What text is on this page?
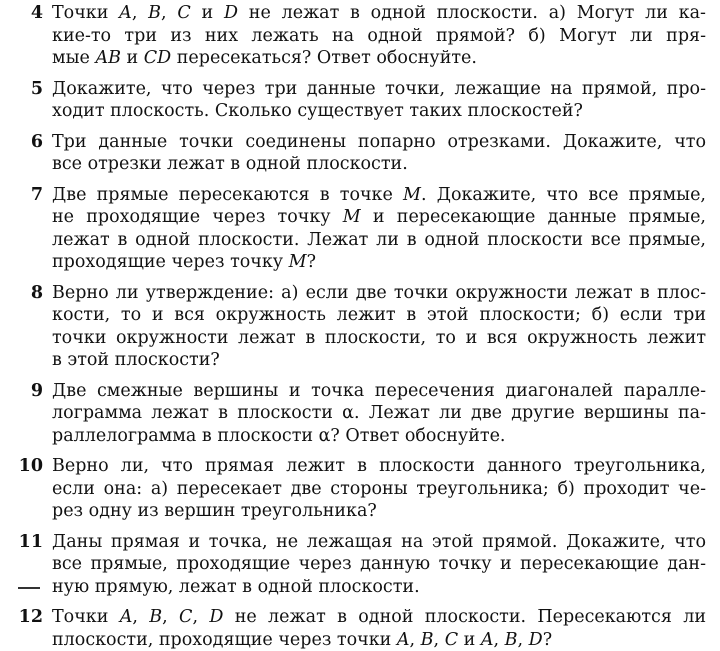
4 Точки A, B, C и D не лежат в одной плоскости. а) Могут ли ка-
кие-то три из них лежать на одной прямой? б) Могут ли пря-
мые AB и CD пересекаться? Ответ обоснуйте.
5 Докажите, что через три данные точки, лежащие на прямой, про-
ходит плоскость. Сколько существует таких плоскостей?
6 Три данные точки соединены попарно отрезками. Докажите, что
все отрезки лежат в одной плоскости.
7 Две прямые пересекаются в точке M. Докажите, что все прямые,
не проходящие через точку M и пересекающие данные прямые,
лежат в одной плоскости. Лежат ли в одной плоскости все прямые,
проходящие через точку M?
8 Верно ли утверждение: а) если две точки окружности лежат в плос-
кости, то и вся окружность лежит в этой плоскости; б) если три
точки окружности лежат в плоскости, то и вся окружность лежит
в этой плоскости?
9 Две смежные вершины и точка пересечения диагоналей паралле-
лограмма лежат в плоскости α. Лежат ли две другие вершины па-
раллелограмма в плоскости α? Ответ обоснуйте.
10 Верно ли, что прямая лежит в плоскости данного треугольника,
если она: а) пересекает две стороны треугольника; б) проходит че-
рез одну из вершин треугольника?
11 Даны прямая и точка, не лежащая на этой прямой. Докажите, что
все прямые, проходящие через данную точку и пересекающие дан-
ную прямую, лежат в одной плоскости.
12 Точки A, B, C, D не лежат в одной плоскости. Пересекаются ли
плоскости, проходящие через точки A, B, C и A, B, D?
